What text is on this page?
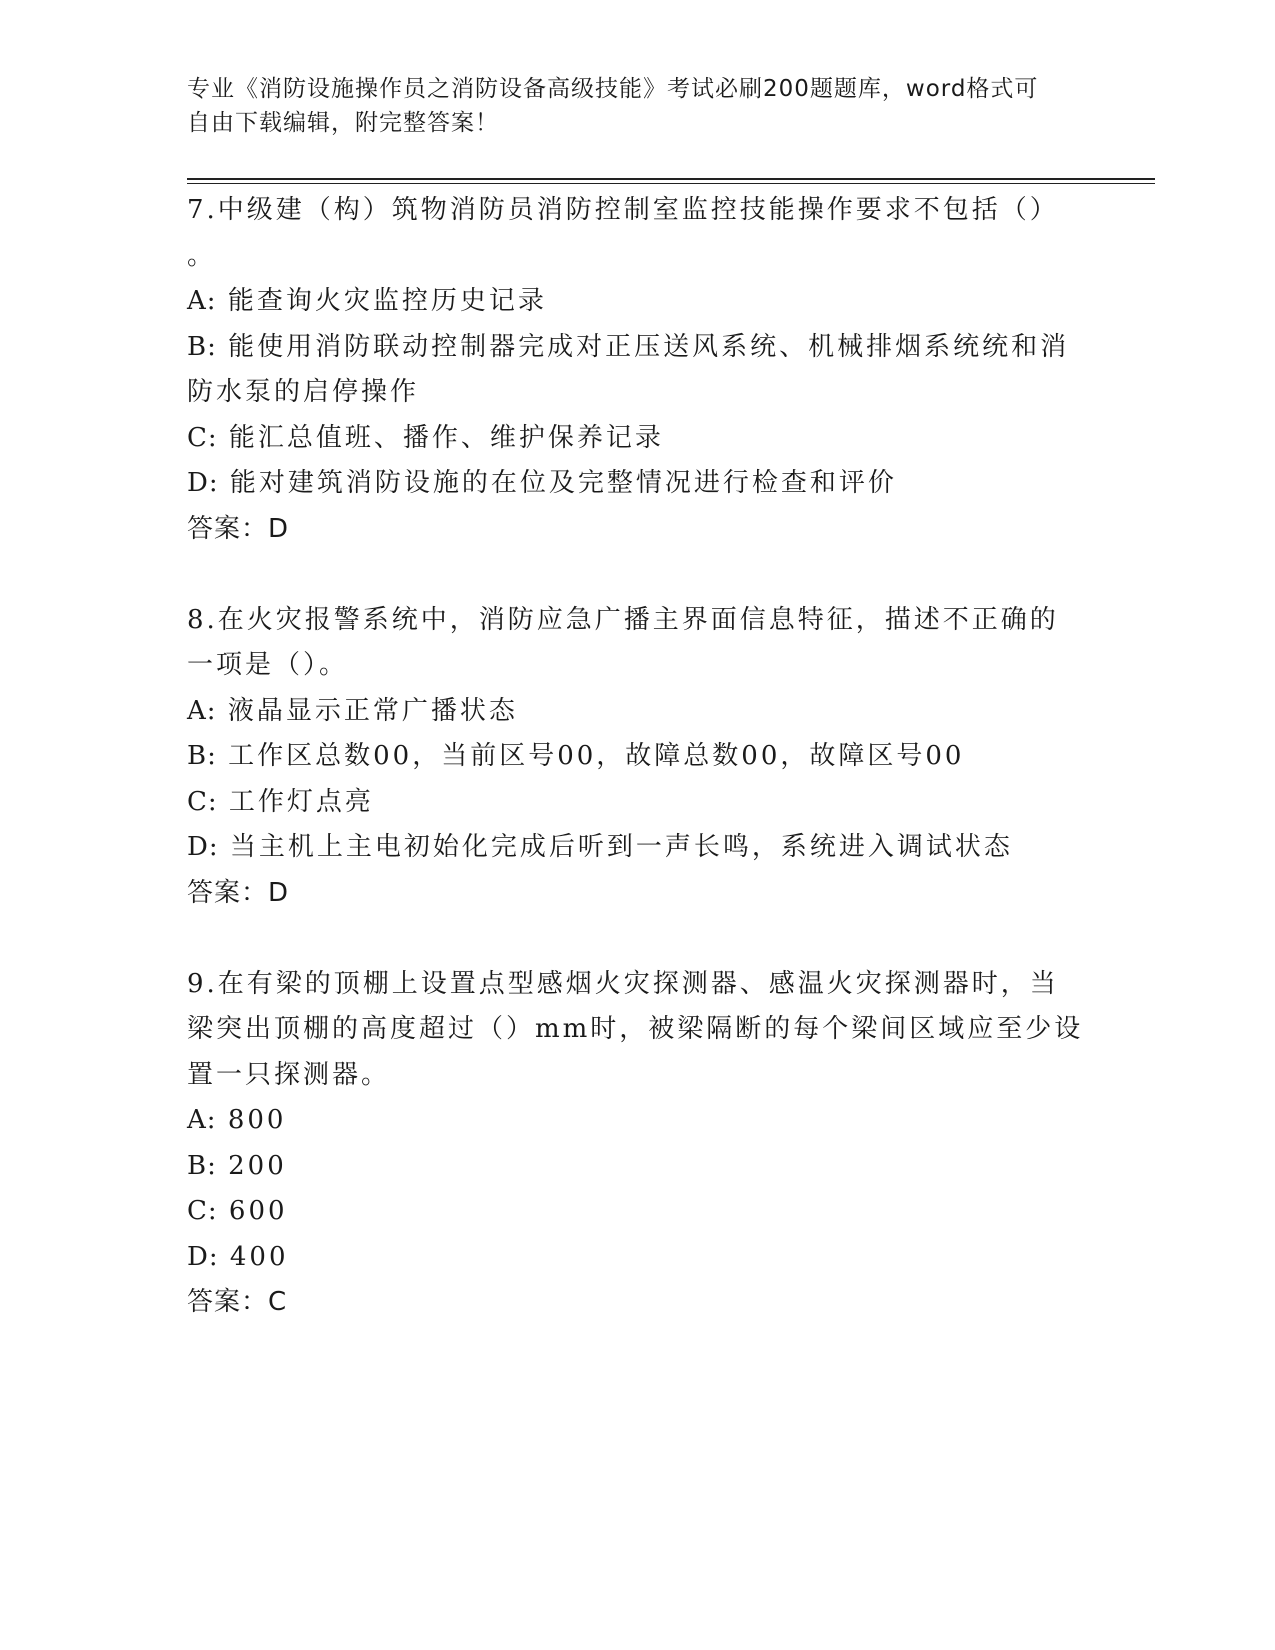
专业《消防设施操作员之消防设备高级技能》考试必刷200题题库，word格式可
自由下载编辑，附完整答案！

7.中级建（构）筑物消防员消防控制室监控技能操作要求不包括（）

。

A: 能查询火灾监控历史记录

B: 能使用消防联动控制器完成对正压送风系统、机械排烟系统统和消

防水泵的启停操作

C: 能汇总值班、播作、维护保养记录

D: 能对建筑消防设施的在位及完整情况进行检查和评价

答案：D

8.在火灾报警系统中，消防应急广播主界面信息特征，描述不正确的

一项是（）。

A: 液晶显示正常广播状态

B: 工作区总数00，当前区号00，故障总数00，故障区号00

C: 工作灯点亮

D: 当主机上主电初始化完成后听到一声长鸣，系统进入调试状态

答案：D

9.在有梁的顶棚上设置点型感烟火灾探测器、感温火灾探测器时，当

梁突出顶棚的高度超过（）mm时，被梁隔断的每个梁间区域应至少设

置一只探测器。

A: 800

B: 200

C: 600

D: 400

答案：C
